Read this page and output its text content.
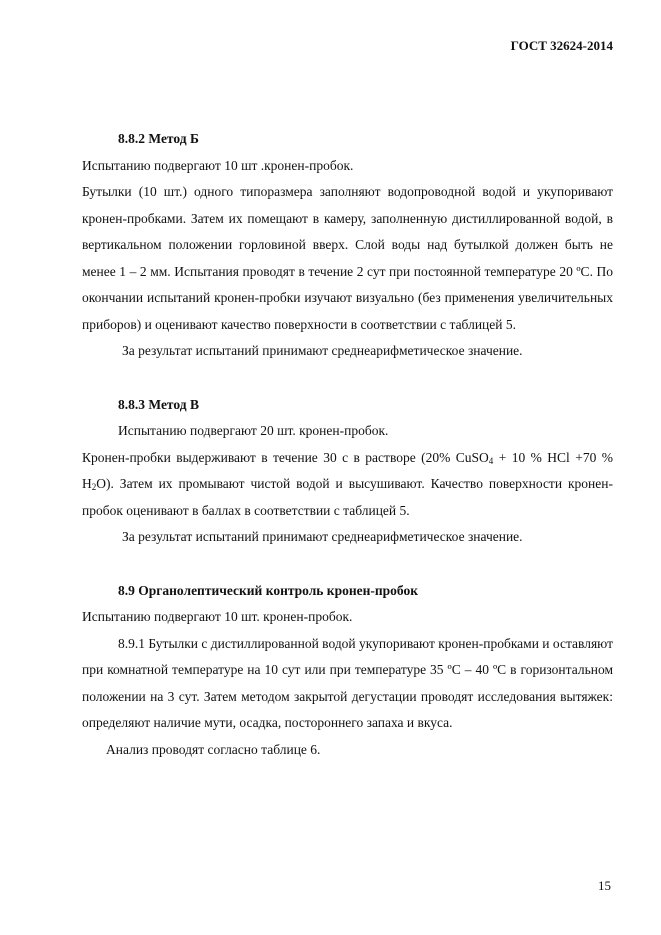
ГОСТ 32624-2014
8.8.2 Метод Б
Испытанию подвергают 10 шт .кронен-пробок.
Бутылки (10 шт.) одного типоразмера заполняют водопроводной водой и укупоривают кронен-пробками. Затем их помещают в камеру, заполненную дистиллированной водой, в вертикальном положении горловиной вверх. Слой воды над бутылкой должен быть не менее 1 – 2 мм. Испытания проводят в течение 2 сут при постоянной температуре 20 ºС. По окончании испытаний кронен-пробки изучают визуально (без применения увеличительных приборов) и оценивают качество поверхности в соответствии с таблицей 5.
За результат испытаний принимают среднеарифметическое значение.
8.8.3 Метод В
Испытанию подвергают 20 шт. кронен-пробок.
Кронен-пробки выдерживают в течение 30 с в растворе (20% CuSO$_4$ + 10 % HCl +70 % $H_2O$). Затем их промывают чистой водой и высушивают. Качество поверхности кронен-пробок оценивают в баллах в соответствии с таблицей 5.
За результат испытаний принимают среднеарифметическое значение.
8.9 Органолептический контроль кронен-пробок
Испытанию подвергают 10 шт. кронен-пробок.
8.9.1 Бутылки с дистиллированной водой укупоривают кронен-пробками и оставляют при комнатной температуре на 10 сут или при температуре 35 ºС – 40 ºС в горизонтальном положении на 3 сут. Затем методом закрытой дегустации проводят исследования вытяжек: определяют наличие мути, осадка, постороннего запаха и вкуса.
Анализ проводят согласно таблице 6.
15
